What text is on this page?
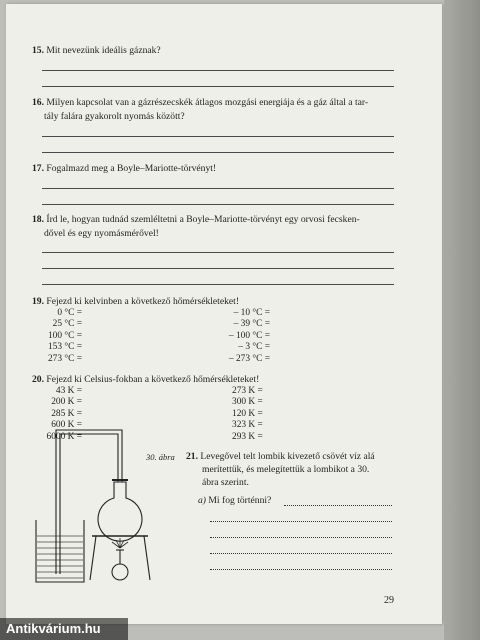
15. Mit nevezünk ideális gáznak?
16. Milyen kapcsolat van a gázrészecskék átlagos mozgási energiája és a gáz által a tar-
tály falára gyakorolt nyomás között?
17. Fogalmazd meg a Boyle–Mariotte-törvényt!
18. Írd le, hogyan tudnád szemléltetni a Boyle–Mariotte-törvényt egy orvosi fecsken-
dővel és egy nyomásmérővel!
19. Fejezd ki kelvinben a következő hőmérsékleteket!
0 °C =
25 °C =
100 °C =
153 °C =
273 °C =
– 10 °C =
– 39 °C =
– 100 °C =
– 3 °C =
– 273 °C =
20. Fejezd ki Celsius-fokban a következő hőmérsékleteket!
43 K =
200 K =
285 K =
600 K =
6000 K =
273 K =
300 K =
120 K =
323 K =
293 K =
30. ábra 21. Levegővel telt lombik kivezető csövét víz alá
merítettük, és melegítettük a lombikot a 30.
ábra szerint.
a) Mi fog történni?
29
Antikvárium.hu
